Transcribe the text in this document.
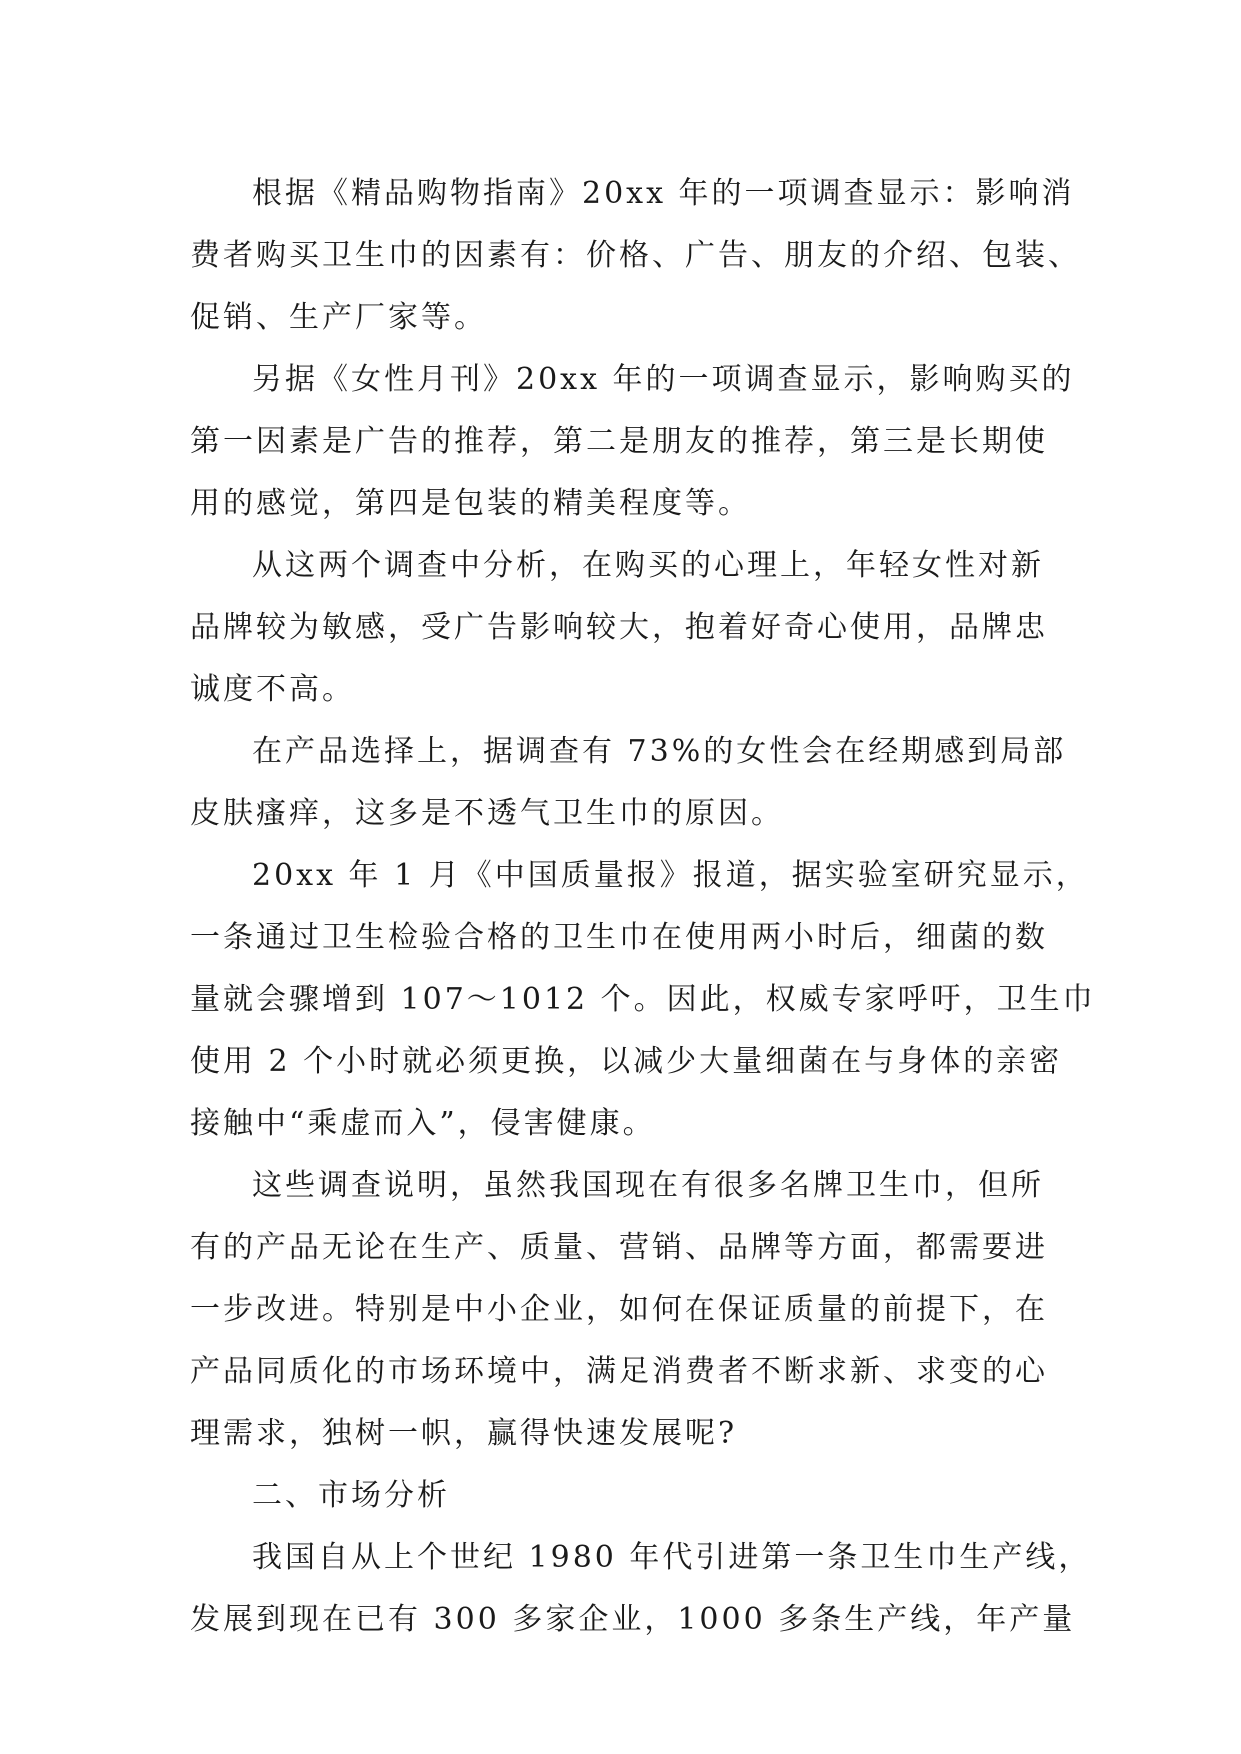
根据《精品购物指南》20xx 年的一项调查显示：影响消
费者购买卫生巾的因素有：价格、广告、朋友的介绍、包装、
促销、生产厂家等。
另据《女性月刊》20xx 年的一项调查显示，影响购买的
第一因素是广告的推荐，第二是朋友的推荐，第三是长期使
用的感觉，第四是包装的精美程度等。
从这两个调查中分析，在购买的心理上，年轻女性对新
品牌较为敏感，受广告影响较大，抱着好奇心使用，品牌忠
诚度不高。
在产品选择上，据调查有 73%的女性会在经期感到局部
皮肤瘙痒，这多是不透气卫生巾的原因。
20xx 年 1 月《中国质量报》报道，据实验室研究显示，
一条通过卫生检验合格的卫生巾在使用两小时后，细菌的数
量就会骤增到 107～1012 个。因此，权威专家呼吁，卫生巾
使用 2 个小时就必须更换，以减少大量细菌在与身体的亲密
接触中“乘虚而入”，侵害健康。
这些调查说明，虽然我国现在有很多名牌卫生巾，但所
有的产品无论在生产、质量、营销、品牌等方面，都需要进
一步改进。特别是中小企业，如何在保证质量的前提下，在
产品同质化的市场环境中，满足消费者不断求新、求变的心
理需求，独树一帜，赢得快速发展呢?
二、市场分析
我国自从上个世纪 1980 年代引进第一条卫生巾生产线，
发展到现在已有 300 多家企业，1000 多条生产线，年产量
